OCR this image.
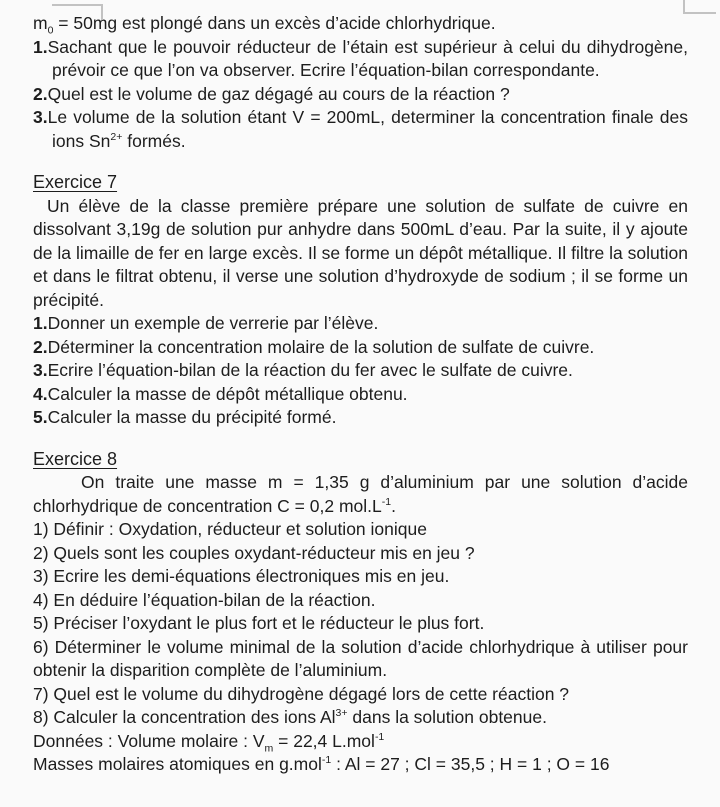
$m_0 = 50mg$ est plongé dans un excès d’acide chlorhydrique.

1.Sachant que le pouvoir réducteur de l’étain est supérieur à celui du dihydrogène, prévoir ce que l’on va observer. Ecrire l’équation-bilan correspondante.

2.Quel est le volume de gaz dégagé au cours de la réaction ?

3.Le volume de la solution étant V = 200mL, determiner la concentration finale des ions $Sn^{2+}$ formés.

Exercice 7

Un élève de la classe première prépare une solution de sulfate de cuivre en dissolvant 3,19g de solution pur anhydre dans 500mL d’eau. Par la suite, il y ajoute de la limaille de fer en large excès. Il se forme un dépôt métallique. Il filtre la solution et dans le filtrat obtenu, il verse une solution d’hydroxyde de sodium ; il se forme un précipité.

1.Donner un exemple de verrerie par l’élève.

2.Déterminer la concentration molaire de la solution de sulfate de cuivre.

3.Ecrire l’équation-bilan de la réaction du fer avec le sulfate de cuivre.

4.Calculer la masse de dépôt métallique obtenu.

5.Calculer la masse du précipité formé.

Exercice 8

On traite une masse m = 1,35 g d’aluminium par une solution d’acide chlorhydrique de concentration C = 0,2 $mol.L^{-1}$.

1) Définir : Oxydation, réducteur et solution ionique

2) Quels sont les couples oxydant-réducteur mis en jeu ?

3) Ecrire les demi-équations électroniques mis en jeu.

4) En déduire l’équation-bilan de la réaction.

5) Préciser l’oxydant le plus fort et le réducteur le plus fort.

6) Déterminer le volume minimal de la solution d’acide chlorhydrique à utiliser pour obtenir la disparition complète de l’aluminium.

7) Quel est le volume du dihydrogène dégagé lors de cette réaction ?

8) Calculer la concentration des ions $Al^{3+}$ dans la solution obtenue.

Données : Volume molaire : $V_m = 22,4$ L.mol$^{-1}$

Masses molaires atomiques en g.mol$^{-1}$ : Al = 27 ; Cl = 35,5 ; H = 1 ; O = 16
